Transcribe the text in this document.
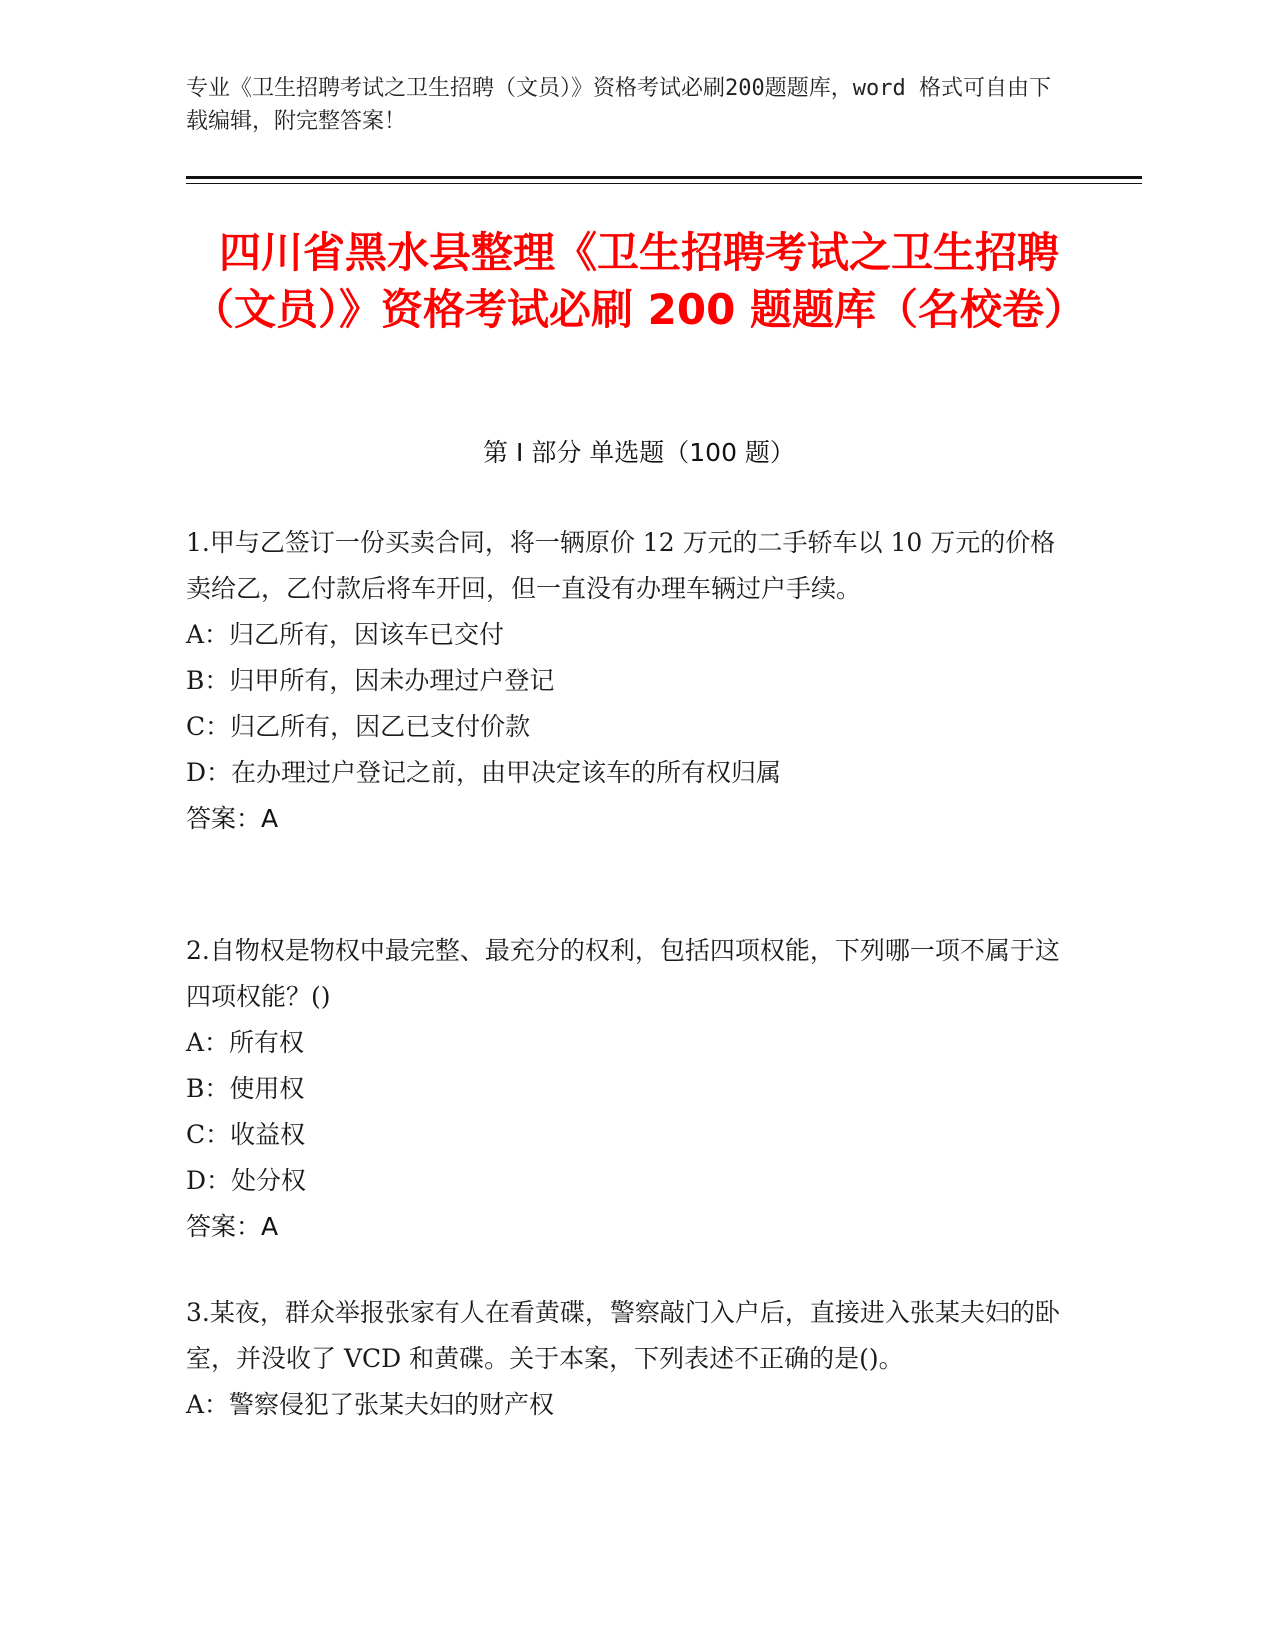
专业《卫生招聘考试之卫生招聘（文员）》资格考试必刷200题题库，word 格式可自由下载编辑，附完整答案！
四川省黑水县整理《卫生招聘考试之卫生招聘（文员）》资格考试必刷 200 题题库（名校卷）
第 I 部分 单选题（100 题）
1.甲与乙签订一份买卖合同，将一辆原价 12 万元的二手轿车以 10 万元的价格卖给乙，乙付款后将车开回，但一直没有办理车辆过户手续。
A：归乙所有，因该车已交付
B：归甲所有，因未办理过户登记
C：归乙所有，因乙已支付价款
D：在办理过户登记之前，由甲决定该车的所有权归属
答案：A
2.自物权是物权中最完整、最充分的权利，包括四项权能，下列哪一项不属于这四项权能？()
A：所有权
B：使用权
C：收益权
D：处分权
答案：A
3.某夜，群众举报张家有人在看黄碟，警察敲门入户后，直接进入张某夫妇的卧室，并没收了 VCD 和黄碟。关于本案，下列表述不正确的是()。
A：警察侵犯了张某夫妇的财产权
